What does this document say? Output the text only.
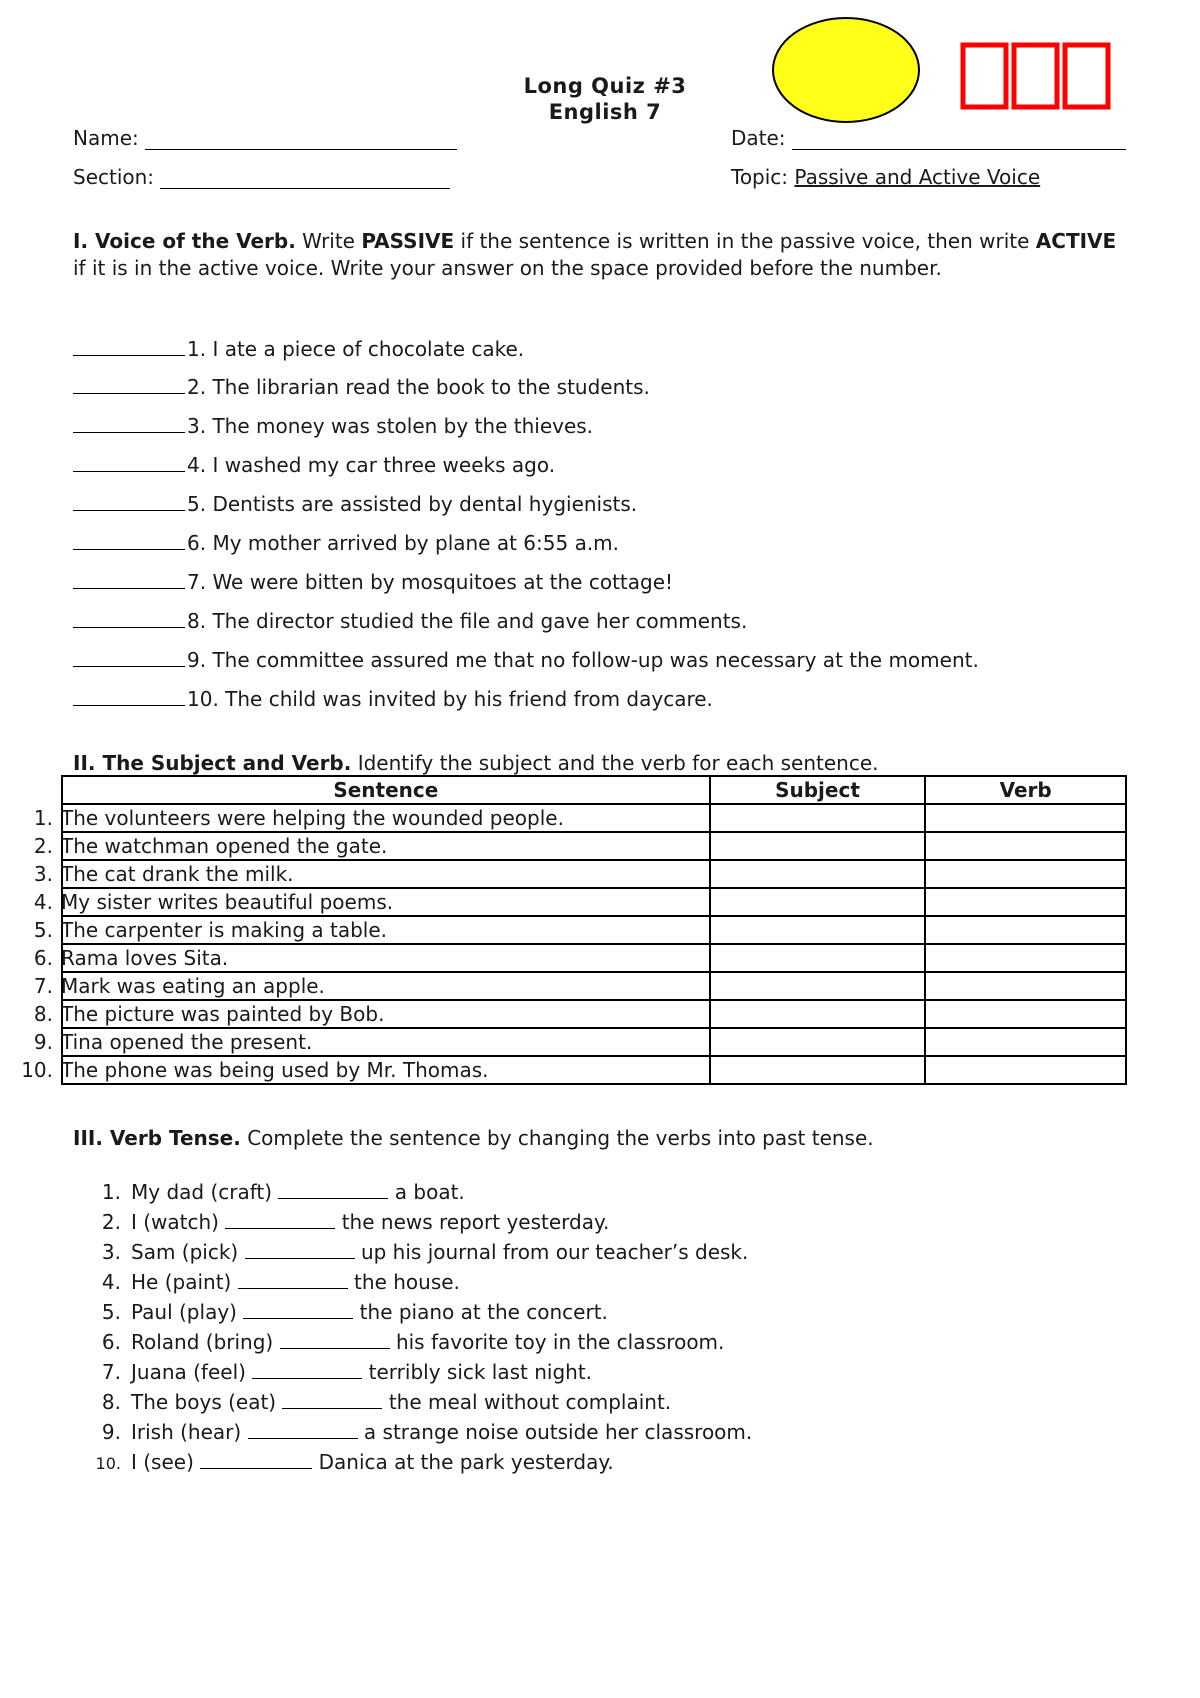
Long Quiz #3
English 7
Name:	Date:
Section:	Topic: Passive and Active Voice
I. Voice of the Verb. Write PASSIVE if the sentence is written in the passive voice, then write ACTIVE if it is in the active voice. Write your answer on the space provided before the number.
1. I ate a piece of chocolate cake.
2. The librarian read the book to the students.
3. The money was stolen by the thieves.
4. I washed my car three weeks ago.
5. Dentists are assisted by dental hygienists.
6. My mother arrived by plane at 6:55 a.m.
7. We were bitten by mosquitoes at the cottage!
8. The director studied the file and gave her comments.
9. The committee assured me that no follow-up was necessary at the moment.
10. The child was invited by his friend from daycare.
II. The Subject and Verb. Identify the subject and the verb for each sentence.
Sentence	Subject	Verb
1. The volunteers were helping the wounded people.		
2. The watchman opened the gate.		
3. The cat drank the milk.		
4. My sister writes beautiful poems.		
5. The carpenter is making a table.		
6. Rama loves Sita.		
7. Mark was eating an apple.		
8. The picture was painted by Bob.		
9. Tina opened the present.		
10. The phone was being used by Mr. Thomas.		
III. Verb Tense. Complete the sentence by changing the verbs into past tense.
1. My dad (craft)	a boat.
2. I (watch)	the news report yesterday.
3. Sam (pick)	up his journal from our teacher’s desk.
4. He (paint)	the house.
5. Paul (play)	the piano at the concert.
6. Roland (bring)	his favorite toy in the classroom.
7. Juana (feel)	terribly sick last night.
8. The boys (eat)	the meal without complaint.
9. Irish (hear)	a strange noise outside her classroom.
10. I (see)	Danica at the park yesterday.
